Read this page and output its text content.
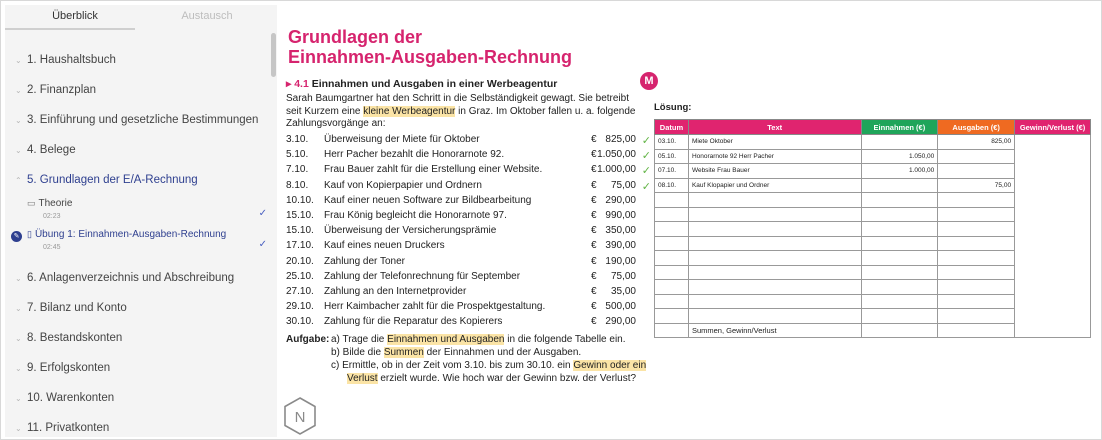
Überblick	Austausch
⌄ 1. Haushaltsbuch
⌄ 2. Finanzplan
⌄ 3. Einführung und gesetzliche Bestimmungen
⌄ 4. Belege
⌃ 5. Grundlagen der E/A-Rechnung
▭ Theorie
02:23	✓
✎ ▯ Übung 1: Einnahmen-Ausgaben-Rechnung
02:45	✓
⌄ 6. Anlagenverzeichnis und Abschreibung
⌄ 7. Bilanz und Konto
⌄ 8. Bestandskonten
⌄ 9. Erfolgskonten
⌄ 10. Warenkonten
⌄ 11. Privatkonten
Grundlagen der
Einnahmen-Ausgaben-Rechnung
▸ 4.1 Einnahmen und Ausgaben in einer Werbeagentur	M
Sarah Baumgartner hat den Schritt in die Selbständigkeit gewagt. Sie betreibt seit Kurzem eine kleine Werbeagentur in Graz. Im Oktober fallen u. a. folgende Zahlungsvorgänge an:
3.10. Überweisung der Miete für Oktober	€ 825,00 ✓
5.10. Herr Pacher bezahlt die Honorarnote 92.	€ 1.050,00 ✓
7.10. Frau Bauer zahlt für die Erstellung einer Website.	€ 1.000,00 ✓
8.10. Kauf von Kopierpapier und Ordnern	€ 75,00 ✓
10.10. Kauf einer neuen Software zur Bildbearbeitung	€ 290,00
15.10. Frau König begleicht die Honorarnote 97.	€ 990,00
15.10. Überweisung der Versicherungsprämie	€ 350,00
17.10. Kauf eines neuen Druckers	€ 390,00
20.10. Zahlung der Toner	€ 190,00
25.10. Zahlung der Telefonrechnung für September	€ 75,00
27.10. Zahlung an den Internetprovider	€ 35,00
29.10. Herr Kaimbacher zahlt für die Prospektgestaltung.	€ 500,00
30.10. Zahlung für die Reparatur des Kopierers	€ 290,00
Aufgabe: a) Trage die Einnahmen und Ausgaben in die folgende Tabelle ein.
b) Bilde die Summen der Einnahmen und der Ausgaben.
c) Ermittle, ob in der Zeit vom 3.10. bis zum 30.10. ein Gewinn oder ein
Verlust erzielt wurde. Wie hoch war der Gewinn bzw. der Verlust?
N
Lösung:
Datum	Text	Einnahmen (€)	Ausgaben (€)	Gewinn/Verlust (€)
03.10.	Miete Oktober		825,00	
05.10.	Honorarnote 92 Herr Pacher	1.050,00		
07.10.	Website Frau Bauer	1.000,00		
08.10.	Kauf Klopapier und Ordner		75,00	

	Summen, Gewinn/Verlust			
